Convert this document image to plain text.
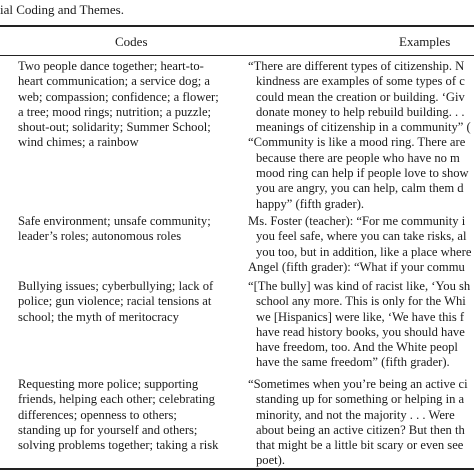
ial Coding and Themes.
Codes	Examples
Two people dance together; heart-to-
heart communication; a service dog; a
web; compassion; confidence; a flower;
a tree; mood rings; nutrition; a puzzle;
shout-out; solidarity; Summer School;
wind chimes; a rainbow
“There are different types of citizenship. N
kindness are examples of some types of c
could mean the creation or building. ‘Giv
donate money to help rebuild building. . .
meanings of citizenship in a community” (
“Community is like a mood ring. There are
because there are people who have no m
mood ring can help if people love to show
you are angry, you can help, calm them d
happy” (fifth grader).
Safe environment; unsafe community;
leader’s roles; autonomous roles
Ms. Foster (teacher): “For me community i
you feel safe, where you can take risks, al
you too, but in addition, like a place where
Angel (fifth grader): “What if your commu
Bullying issues; cyberbullying; lack of
police; gun violence; racial tensions at
school; the myth of meritocracy
“[The bully] was kind of racist like, ‘You sh
school any more. This is only for the Whi
we [Hispanics] were like, ‘We have this f
have read history books, you should have
have freedom, too. And the White peopl
have the same freedom” (fifth grader).
Requesting more police; supporting
friends, helping each other; celebrating
differences; openness to others;
standing up for yourself and others;
solving problems together; taking a risk
“Sometimes when you’re being an active ci
standing up for something or helping in a
minority, and not the majority . . . Were
about being an active citizen? But then th
that might be a little bit scary or even see
poet).
